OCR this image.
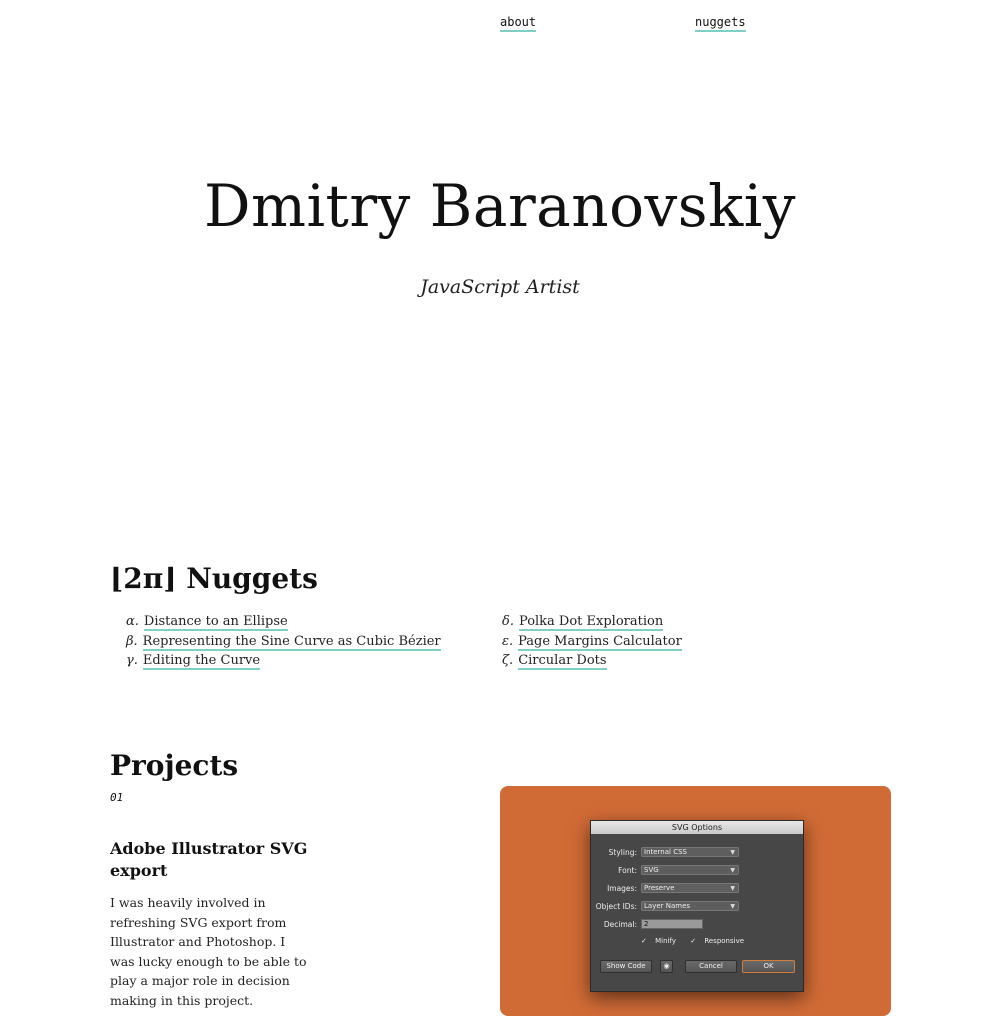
about	nuggets
Dmitry Baranovskiy
JavaScript Artist
⌊2π⌋ Nuggets
α. Distance to an Ellipse
β. Representing the Sine Curve as Cubic Bézier
γ. Editing the Curve
δ. Polka Dot Exploration
ε. Page Margins Calculator
ζ. Circular Dots
Projects
01
Adobe Illustrator SVG export

I was heavily involved in refreshing SVG export from Illustrator and Photoshop. I was lucky enough to be able to play a major role in decision making in this project.

SVG Options
Styling:	Internal CSS	▼
Font:	SVG	▼
Images:	Preserve	▼
Object IDs:	Layer Names	▼
Decimal:	2
✓ Minify ✓ Responsive
Show Code	◉	Cancel	OK
